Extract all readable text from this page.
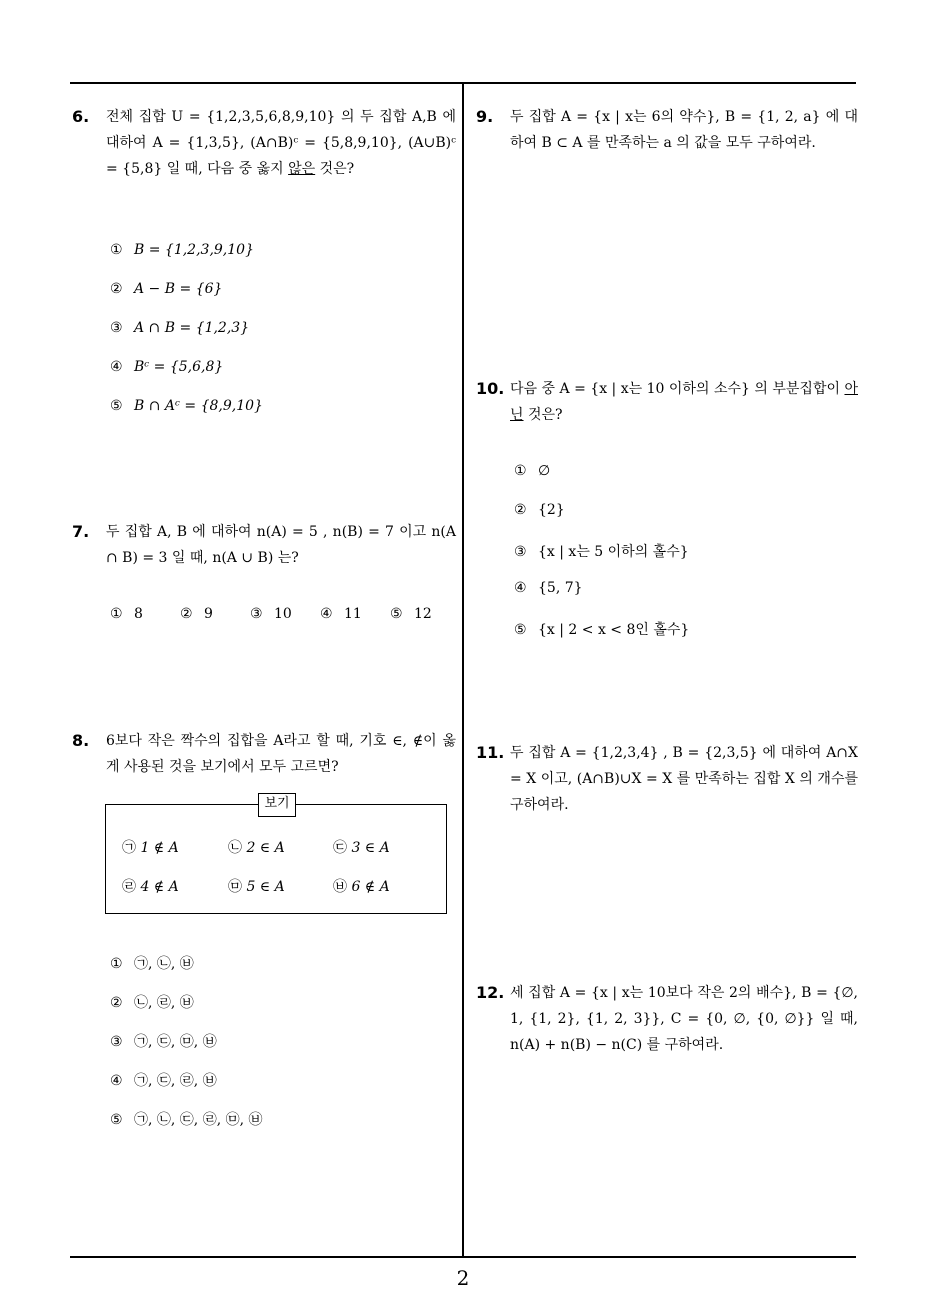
6. 전체 집합 U = {1,2,3,5,6,8,9,10} 의 두 집합 A,B 에 대하여 A = {1,3,5}, (A∩B)ᶜ = {5,8,9,10}, (A∪B)ᶜ = {5,8} 일 때, 다음 중 옳지 않은 것은?
① B = {1,2,3,9,10}
② A − B = {6}
③ A ∩ B = {1,2,3}
④ Bᶜ = {5,6,8}
⑤ B ∩ Aᶜ = {8,9,10}
7. 두 집합 A, B 에 대하여 n(A) = 5 , n(B) = 7 이고 n(A ∩ B) = 3 일 때, n(A ∪ B) 는?
① 8	② 9	③ 10 ④ 11 ⑤ 12
8. 6보다 작은 짝수의 집합을 A라고 할 때, 기호 ∈, ∉이 옳게 사용된 것을 보기에서 모두 고르면?
보기
㉠ 1 ∉ A	㉡ 2 ∈ A	㉢ 3 ∈ A
㉣ 4 ∉ A	㉤ 5 ∈ A	㉥ 6 ∉ A
① ㉠, ㉡, ㉥
② ㉡, ㉣, ㉥
③ ㉠, ㉢, ㉤, ㉥
④ ㉠, ㉢, ㉣, ㉥
⑤ ㉠, ㉡, ㉢, ㉣, ㉤, ㉥
9. 두 집합 A = {x | x는 6의 약수}, B = {1, 2, a} 에 대하여 B ⊂ A 를 만족하는 a 의 값을 모두 구하여라.
10. 다음 중 A = {x | x는 10 이하의 소수} 의 부분집합이 아닌 것은?
① ∅
② {2}
③ {x | x는 5 이하의 홀수}
④ {5, 7}
⑤ {x | 2 < x < 8인 홀수}
11. 두 집합 A = {1,2,3,4} , B = {2,3,5} 에 대하여 A∩X = X 이고, (A∩B)∪X = X 를 만족하는 집합 X 의 개수를 구하여라.
12. 세 집합 A = {x | x는 10보다 작은 2의 배수}, B = {∅, 1, {1, 2}, {1, 2, 3}}, C = {0, ∅, {0, ∅}} 일 때, n(A) + n(B) − n(C) 를 구하여라.
2
